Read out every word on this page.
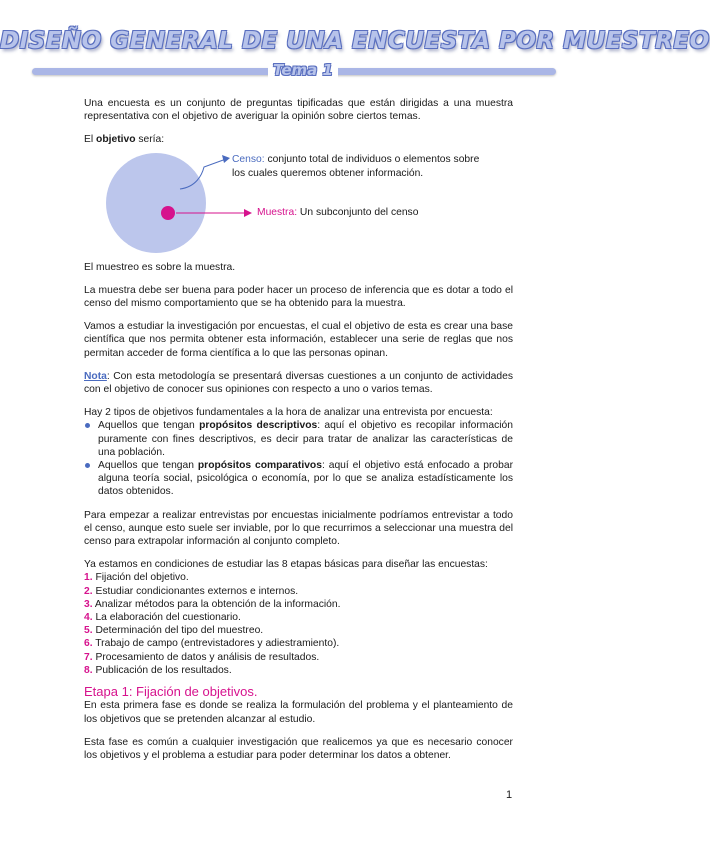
DISEÑO GENERAL DE UNA ENCUESTA POR MUESTREO
Tema 1

Una encuesta es un conjunto de preguntas tipificadas que están dirigidas a una muestra representativa con el objetivo de averiguar la opinión sobre ciertos temas.

El objetivo sería:

Censo: conjunto total de individuos o elementos sobre los cuales queremos obtener información.
Muestra: Un subconjunto del censo

El muestreo es sobre la muestra.

La muestra debe ser buena para poder hacer un proceso de inferencia que es dotar a todo el censo del mismo comportamiento que se ha obtenido para la muestra.

Vamos a estudiar la investigación por encuestas, el cual el objetivo de esta es crear una base científica que nos permita obtener esta información, establecer una serie de reglas que nos permitan acceder de forma científica a lo que las personas opinan.

Nota: Con esta metodología se presentará diversas cuestiones a un conjunto de actividades con el objetivo de conocer sus opiniones con respecto a uno o varios temas.

Hay 2 tipos de objetivos fundamentales a la hora de analizar una entrevista por encuesta:

Aquellos que tengan propósitos descriptivos: aquí el objetivo es recopilar información puramente con fines descriptivos, es decir para tratar de analizar las características de una población.
Aquellos que tengan propósitos comparativos: aquí el objetivo está enfocado a probar alguna teoría social, psicológica o economía, por lo que se analiza estadísticamente los datos obtenidos.

Para empezar a realizar entrevistas por encuestas inicialmente podríamos entrevistar a todo el censo, aunque esto suele ser inviable, por lo que recurrimos a seleccionar una muestra del censo para extrapolar información al conjunto completo.

Ya estamos en condiciones de estudiar las 8 etapas básicas para diseñar las encuestas:

1. Fijación del objetivo.
2. Estudiar condicionantes externos e internos.
3. Analizar métodos para la obtención de la información.
4. La elaboración del cuestionario.
5. Determinación del tipo del muestreo.
6. Trabajo de campo (entrevistadores y adiestramiento).
7. Procesamiento de datos y análisis de resultados.
8. Publicación de los resultados.
Etapa 1: Fijación de objetivos.

En esta primera fase es donde se realiza la formulación del problema y el planteamiento de los objetivos que se pretenden alcanzar al estudio.

Esta fase es común a cualquier investigación que realicemos ya que es necesario conocer los objetivos y el problema a estudiar para poder determinar los datos a obtener.

1
